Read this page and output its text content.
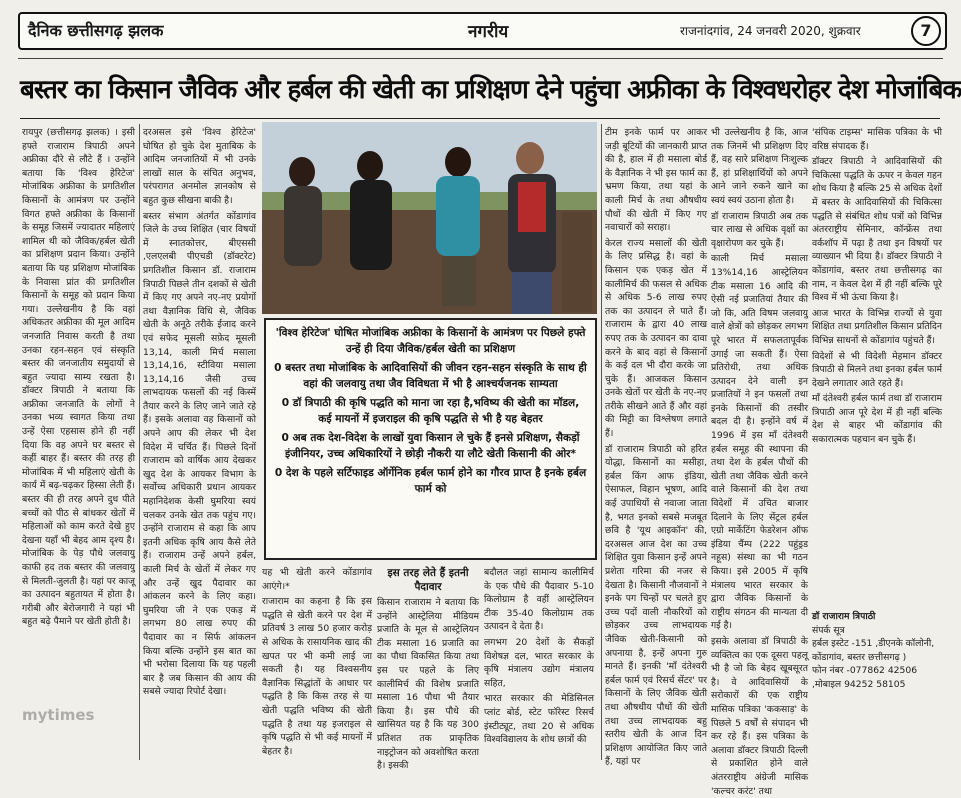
दैनिक छत्तीसगढ़ झलक	नगरीय	राजनांदगांव, 24 जनवरी 2020, शुक्रवार	7
बस्तर का किसान जैविक और हर्बल की खेती का प्रशिक्षण देने पहुंचा अफ्रीका के विश्वधरोहर देश मोजांबिक

रायपुर (छत्तीसगढ़ झलक) । इसी हफ्ते राजाराम त्रिपाठी अपने अफ्रीका दौरे से लौटे हैं । उन्होंने बताया कि 'विश्व हेरिटेज' मोजांबिक अफ्रीका के प्रगतिशील किसानों के आमंत्रण पर उन्होंने विगत हफ्ते अफ्रीका के किसानों के समूह जिसमें ज्यादातर महिलाएं शामिल थी को जैविक/हर्बल खेती का प्रशिक्षण प्रदान किया। उन्होंने बताया कि यह प्रशिक्षण मोजांबिक के निवासा प्रांत की प्रगतिशील किसानों के समूह को प्रदान किया गया। उल्लेखनीय है कि वहां अधिकतर अफ्रीका की मूल आदिम जनजाति निवास करती है तथा उनका रहन-सहन एवं संस्कृति बस्तर की जनजातीय समुदायों से बहुत ज्यादा साम्य रखता है। डॉक्टर त्रिपाठी ने बताया कि अफ्रीका जनजाति के लोगों ने उनका भव्य स्वागत किया तथा उन्हें ऐसा एहसास होने ही नहीं दिया कि वह अपने घर बस्तर से कहीं बाहर हैं। बस्तर की तरह ही मोजांबिक में भी महिलाएं खेती के कार्य में बढ़-चढ़कर हिस्सा लेती हैं। बस्तर की ही तरह अपने दुध पीते बच्चों को पीठ से बांधकर खेतों में महिलाओं को काम करते देखे हुए देखना यहाँ भी बेहद आम दृश्य है। मोजांबिक के पेड़ पौधे जलवायु काफी हद तक बस्तर की जलवायु से मिलती-जुलती है। यहां पर काजू का उत्पादन बहुतायत में होता है। गरीबी और बेरोजगारी ने यहां भी बहुत बढ़े पैमाने पर खेती होती है।

दरअसल इसे 'विश्व हेरिटेज' घोषित हो चुके देश मुताबिक के आदिम जनजातियों में भी उनके लाखों साल के संचित अनुभव, परंपरागत अनमोल ज्ञानकोष से बहुत कुछ सीखना बाकी है।

बस्तर संभाग अंतर्गत कोंडागांव जिले के उच्च शिक्षित (चार विषयों में स्नातकोत्तर, बीएससी ,एलएलबी पीएचडी (डॉक्टरेट) प्रगतिशील किसान डॉ. राजाराम त्रिपाठी पिछले तीन दशकों से खेती में किए गए अपने नए-नए प्रयोगों तथा वैज्ञानिक विधि से, जैविक खेती के अनूठे तरीके ईजाद करने एवं सफेद मूसली सफ़ेद मूसली 13,14, काली मिर्च मसाला 13,14,16, स्टीविया मसाला 13,14,16 जैसी उच्च लाभदायक फसलों की नई किस्में तैयार करने के लिए जाने जाते रहे हैं। इसके अलावा वह किसानों को अपने आप की लेकर भी देश विदेश में चर्चित हैं। पिछले दिनों राजाराम को वार्षिक आय देखकर खुद देश के आयकर विभाग के सर्वोच्च अधिकारी प्रधान आयकर महानिदेशक केसी घुमरिया स्वयं चलकर उनके खेत तक पहुंच गए। उन्होंने राजाराम से कहा कि आप इतनी अधिक कृषि आय कैसे लेते हैं। राजाराम उन्हें अपने हर्बल, काली मिर्च के खेतों में लेकर गए और उन्हें खुद पैदावार का आंकलन करने के लिए कहा। घुमरिया जी ने एक एकड़ में लगभग 80 लाख रुपए की पैदावार का न सिर्फ आंकलन किया बल्कि उन्होंने इस बात का भी भरोसा दिलाया कि यह पहली बार है जब किसान की आय की सबसे ज्यादा रिपोर्ट देखा।

'विश्व हेरिटेज' घोषित मोजांबिक अफ्रीका के किसानों के आमंत्रण पर पिछले हफ्ते उन्हें ही दिया जैविक/हर्बल खेती का प्रशिक्षण

0 बस्तर तथा मोजांबिक के आदिवासियों की जीवन रहन-सहन संस्कृति के साथ ही वहां की जलवायु तथा जैव विविधता में भी है आश्चर्यजनक साम्यता

0 डॉ त्रिपाठी की कृषि पद्धति को माना जा रहा है,भविष्य की खेती का मॉडल, कई मायनों में इजराइल की कृषि पद्धति से भी है यह बेहतर

0 अब तक देश-विदेश के लाखों युवा किसान ले चुके हैं इनसे प्रशिक्षण, सैकड़ों इंजीनियर, उच्च अधिकारियों ने छोड़ी नौकरी या लौटे खेती किसानी की ओर*

0 देश के पहले सर्टिफाइड ऑर्गेनिक हर्बल फार्म होने का गौरव प्राप्त है इनके हर्बल फार्म को

यह भी खेती करने कोंडागांव आएंगे।*

राजाराम का कहना है कि इस पद्धति से खेती करने पर देश में प्रतिवर्ष 3 लाख 50 हजार करोड़ से अधिक के रासायनिक खाद की खपत पर भी कमी लाई जा सकती है। यह विश्वसनीय वैज्ञानिक सिद्धांतों के आधार पर पद्धति है कि किस तरह से या खेती पद्धति भविष्य की खेती पद्धति है तथा यह इजराइल से कृषि पद्धति से भी कई मायनों में बेहतर है।

इस तरह लेते हैं इतनी पैदावार

किसान राजाराम ने बताया कि उन्होंने आस्ट्रेलिया मीडियम प्रजाति के मूल से आस्ट्रेलियन टीक मसाला 16 प्रजाति का का पौधा विकसित किया तथा इस पर पहले के लिए कालीमिर्च की विशेष प्रजाति मसाला 16 पौधा भी तैयार किया है। इस पौधे की खासियत यह है कि यह 300 प्रतिशत तक प्राकृतिक नाइट्रोजन को अवशोषित करता है। इसकी

बदौलत जहां सामान्य कालीमिर्च के एक पौधे की पैदावार 5-10 किलोग्राम है वहीं आस्ट्रेलियन टीक 35-40 किलोग्राम तक उत्पादन दे देता है।

लगभग 20 देशों के सैकड़ों विशेषज्ञ दल, भारत सरकार के कृषि मंत्रालय उद्योग मंत्रालय सहित,

भारत सरकार की मेडिसिनल प्लांट बोर्ड, स्टेट फॉरेस्ट रिसर्च इंस्टीट्यूट, तथा 20 से अधिक विश्वविद्यालय के शोध छात्रों की

टीम इनके फार्म पर आकर जड़ी बूटियों की जानकारी प्राप्त की है, हाल में ही मसाला बोर्ड के वैज्ञानिक ने भी इस फार्म का भ्रमण किया, तथा यहां के काली मिर्च के तथा औषधीय पौधों की खेती में किए गए नवाचारों को सराहा।

केरल राज्य मसालों की खेती के लिए प्रसिद्ध है। वहां के किसान एक एकड़ खेत में कालीमिर्च की फसल से अधिक से अधिक 5-6 लाख रुपए तक का उत्पादन ले पाते हैं। राजाराम के द्वारा 40 लाख रुपए तक के उत्पादन का दावा करने के बाद वहां से किसानों के कई दल भी दौरा करके जा चुके हैं। आजकल किसान उनके खेतों पर खेती के नए-नए तरीके सीखने आते हैं और वहां की मिट्टी का विश्लेषण लगाते हैं।

डॉ राजाराम त्रिपाठी को हरित योद्धा, किसानों का मसीहा, हर्बल किंग आफ इंडिया, ऐसाफल, विहान भूषण, आदि कई उपाधियों से नवाजा जाता है, भगत इनको सबसे मजबूत छवि है 'यूथ आइकॉन' की, दरअसल आज देश का उच्च शिक्षित युवा किसान इन्हें अपने प्रशेता गरिमा की नजर से देखता है। किसानी नौजवानों ने इनके पग चिन्हों पर चलते हुए उच्च पदों वाली नौकरियों को छोड़कर उच्च लाभदायक जैविक खेती-किसानी को अपनाया है, इन्हें अपना गुरु मानते हैं। इनकी 'माँ दंतेश्वरी हर्बल फार्म एवं रिसर्च सेंटर' पर किसानों के लिए जैविक खेती तथा औषधीय पौधों की खेती तथा उच्च लाभदायक बहु स्तरीय खेती के आज दिन प्रशिक्षण आयोजित किए जाते हैं, यहां पर

भी उल्लेखनीय है कि, आज तक जिनमें भी प्रशिक्षण दिए हैं, वह सारे प्रशिक्षण निःशुल्क हैं, हां प्रशिक्षार्थियों को अपने आने जाने रुकने खाने का स्वयं स्वयं उठाना होता है।

डॉ राजाराम त्रिपाठी अब तक चार लाख से अधिक वृक्षों का वृक्षारोपण कर चुके हैं।

काली मिर्च मसाला 13%14,16 आस्ट्रेलियन टीक मसाला 16 आदि की ऐसी नई प्रजातियां तैयार की जो कि, अति विषम जलवायु वाले क्षेत्रों को छोड़कर लगभग पूरे भारत में सफलतापूर्वक उगाई जा सकती हैं। ऐसा प्रतिरोधी, तथा अधिक उत्पादन देने वाली इन प्रजातियों ने इन फसलों तथा इनके किसानों की तस्वीर बदल दी है। इन्होंने वर्ष में 1996 में इस माँ दंतेश्वरी हर्बल समूह की स्थापना की तथा देश के हर्बल पौधों की खेती तथा जैविक खेती करने वाले किसानों की देश तथा विदेशों में उचित बाजार दिलाने के लिए सेंट्रल हर्बल एग्रो मार्केटिंग फेडरेशन ऑफ इंडिया चैंम्प (222 पहुंड्रड नहूस) संस्था का भी गठन किया। इसे 2005 में कृषि मंत्रालय भारत सरकार के द्वारा जैविक किसानों के राष्ट्रीय संगठन की मान्यता दी गई है।

इसके अलावा डॉ त्रिपाठी के व्यक्तित्व का एक दूसरा पहलू भी है जो कि बेहद खूबसूरत है। वे आदिवासियों के सरोकारों की एक राष्ट्रीय मासिक पत्रिका 'ककसाड़' के पिछले 5 वर्षों से संपादन भी कर रहे हैं। इस पत्रिका के अलावा डॉक्टर त्रिपाठी दिल्ली से प्रकाशित होने वाले अंतरराष्ट्रीय अंग्रेजी मासिक 'कल्चर करंट' तथा

'संपिक टाइम्स' मासिक पत्रिका के भी वरिष्ठ संपादक हैं।

डॉक्टर त्रिपाठी ने आदिवासियों की चिकित्सा पद्धति के ऊपर न केवल गहन शोध किया है बल्कि 25 से अधिक देशों में बस्तर के आदिवासियों की चिकित्सा पद्धति से संबंधित शोध पत्रों को विभिन्न अंतरराष्ट्रीय सेमिनार, कॉन्फ्रेंस तथा वर्कशॉप में पढ़ा है तथा इन विषयों पर व्याख्यान भी दिया है। डॉक्टर त्रिपाठी ने कोंडागांव, बस्तर तथा छत्तीसगढ़ का नाम, न केवल देश में ही नहीं बल्कि पूरे विश्व में भी ऊंचा किया है।

आज भारत के विभिन्न राज्यों से युवा शिक्षित तथा प्रगतिशील किसान प्रतिदिन विभिन्न साधनों से कोंडागांव पहुंचते हैं।

विदेशों से भी विदेशी मेहमान डॉक्टर त्रिपाठी से मिलने तथा इनका हर्बल फार्म देखने लगातार आते रहते हैं।

माँ दंतेश्वरी हर्बल फार्म तथा डॉ राजाराम त्रिपाठी आज पूरे देश में ही नहीं बल्कि देश से बाहर भी कोंडागांव की सकारात्मक पहचान बन चुके हैं।

डॉ राजाराम त्रिपाठी
संपर्क सूत्र
हर्बल इस्टेट -151 ,डीएनके कॉलोनी, कोंडागांव, बस्तर छत्तीसगढ़ )
फोन नंबर -077862 42506 ,मोबाइल 94252 58105
mytimes
